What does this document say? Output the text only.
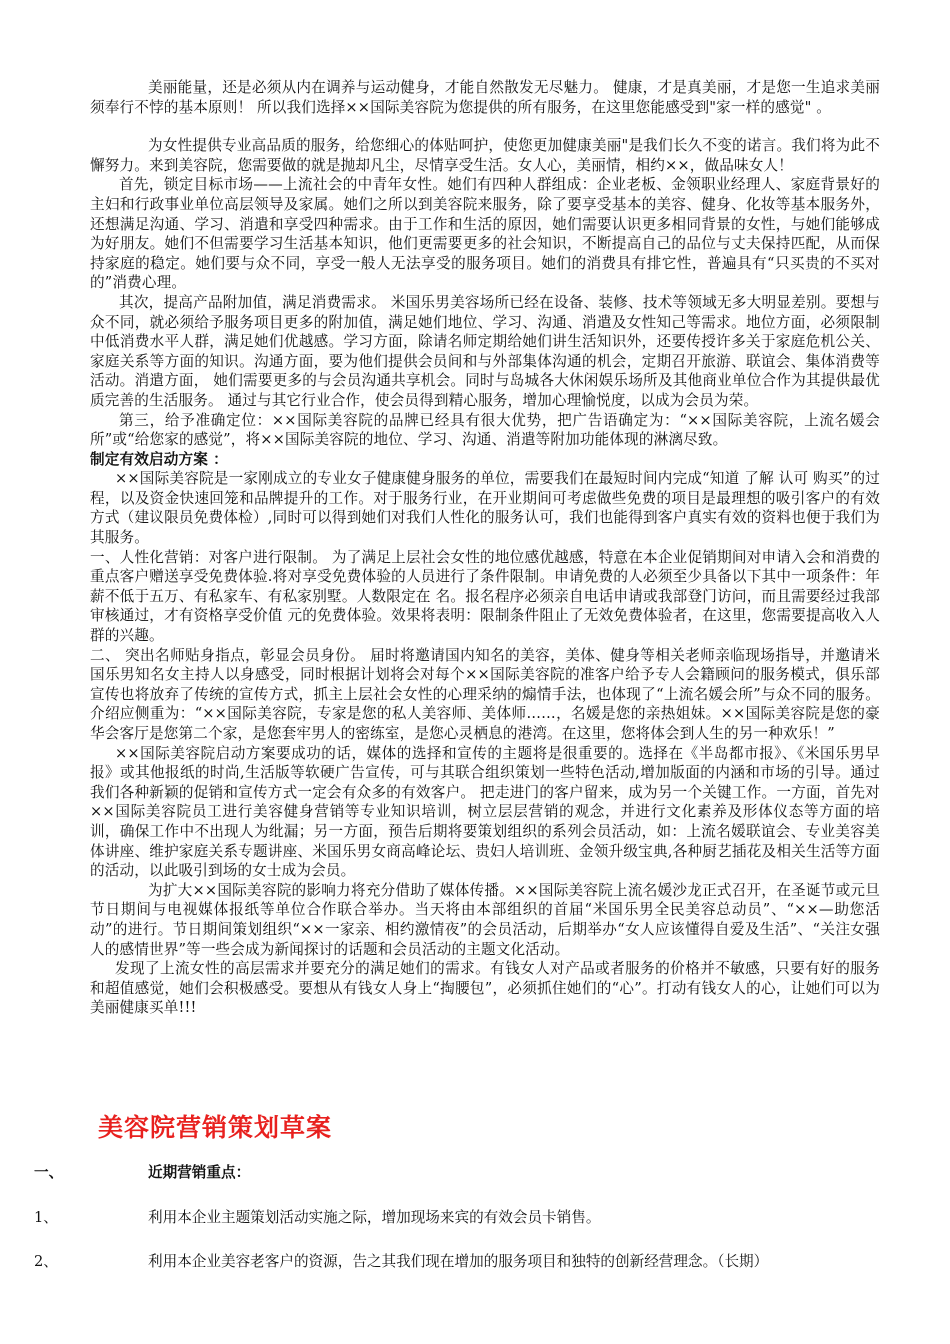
美丽能量，还是必须从内在调养与运动健身，才能自然散发无尽魅力。 健康，才是真美丽，才是您一生追求美丽须奉行不悖的基本原则！ 所以我们选择××国际美容院为您提供的所有服务，在这里您能感受到"家一样的感觉" 。

为女性提供专业高品质的服务，给您细心的体贴呵护，使您更加健康美丽"是我们长久不变的诺言。我们将为此不懈努力。来到美容院，您需要做的就是抛却凡尘，尽情享受生活。女人心，美丽情，相约××，做品味女人！

首先，锁定目标市场——上流社会的中青年女性。她们有四种人群组成：企业老板、金领职业经理人、家庭背景好的主妇和行政事业单位高层领导及家属。她们之所以到美容院来服务，除了要享受基本的美容、健身、化妆等基本服务外，还想满足沟通、学习、消遣和享受四种需求。由于工作和生活的原因，她们需要认识更多相同背景的女性，与她们能够成为好朋友。她们不但需要学习生活基本知识，他们更需要更多的社会知识，不断提高自己的品位与丈夫保持匹配，从而保持家庭的稳定。她们要与众不同，享受一般人无法享受的服务项目。她们的消费具有排它性，普遍具有“只买贵的不买对的”消费心理。

其次，提高产品附加值，满足消费需求。 米国乐男美容场所已经在设备、装修、技术等领域无多大明显差别。要想与众不同，就必须给予服务项目更多的附加值，满足她们地位、学习、沟通、消遣及女性知己等需求。地位方面，必须限制中低消费水平人群，满足她们优越感。学习方面，除请名师定期给她们讲生活知识外，还要传授许多关于家庭危机公关、家庭关系等方面的知识。沟通方面，要为他们提供会员间和与外部集体沟通的机会，定期召开旅游、联谊会、集体消费等活动。消遣方面， 她们需要更多的与会员沟通共享机会。同时与岛城各大休闲娱乐场所及其他商业单位合作为其提供最优质完善的生活服务。 通过与其它行业合作，使会员得到精心服务，增加心理愉悦度，以成为会员为荣。

第三，给予准确定位：××国际美容院的品牌已经具有很大优势，把广告语确定为：“××国际美容院，上流名媛会所”或“给您家的感觉”，将××国际美容院的地位、学习、沟通、消遣等附加功能体现的淋漓尽致。

制定有效启动方案 ：

××国际美容院是一家刚成立的专业女子健康健身服务的单位，需要我们在最短时间内完成“知道 了解 认可 购买”的过程，以及资金快速回笼和品牌提升的工作。对于服务行业，在开业期间可考虑做些免费的项目是最理想的吸引客户的有效方式（建议限员免费体检）,同时可以得到她们对我们人性化的服务认可，我们也能得到客户真实有效的资料也便于我们为其服务。

一、人性化营销：对客户进行限制。 为了满足上层社会女性的地位感优越感，特意在本企业促销期间对申请入会和消费的重点客户赠送享受免费体验.将对享受免费体验的人员进行了条件限制。申请免费的人必须至少具备以下其中一项条件：年薪不低于五万、有私家车、有私家别墅。人数限定在 名。报名程序必须亲自电话申请或我部登门访问，而且需要经过我部审核通过，才有资格享受价值 元的免费体验。效果将表明：限制条件阻止了无效免费体验者，在这里，您需要提高收入人群的兴趣。

二、 突出名师贴身指点，彰显会员身份。 届时将邀请国内知名的美容，美体、健身等相关老师亲临现场指导，并邀请米国乐男知名女主持人以身感受，同时根据计划将会对每个××国际美容院的准客户给予专人会籍顾问的服务模式，俱乐部宣传也将放弃了传统的宣传方式，抓主上层社会女性的心理采纳的煽情手法，也体现了“上流名媛会所”与众不同的服务。介绍应侧重为：“××国际美容院，专家是您的私人美容师、美体师……，名媛是您的亲热姐妹。××国际美容院是您的豪华会客厅是您第二个家，是您套牢男人的密练室，是您心灵栖息的港湾。在这里，您将体会到人生的另一种欢乐！”

××国际美容院启动方案要成功的话，媒体的选择和宣传的主题将是很重要的。选择在《半岛都市报》、《米国乐男早报》或其他报纸的时尚,生活版等软硬广告宣传，可与其联合组织策划一些特色活动,增加版面的内涵和市场的引导。通过我们各种新颖的促销和宣传方式一定会有众多的有效客户。 把走进门的客户留来，成为另一个关键工作。一方面，首先对××国际美容院员工进行美容健身营销等专业知识培训，树立层层营销的观念，并进行文化素养及形体仪态等方面的培训，确保工作中不出现人为纰漏；另一方面，预告后期将要策划组织的系列会员活动，如：上流名媛联谊会、专业美容美体讲座、维护家庭关系专题讲座、米国乐男女商高峰论坛、贵妇人培训班、金领升级宝典,各种厨艺插花及相关生活等方面的活动，以此吸引到场的女士成为会员。

为扩大××国际美容院的影响力将充分借助了媒体传播。××国际美容院上流名媛沙龙正式召开，在圣诞节或元旦节日期间与电视媒体报纸等单位合作联合举办。当天将由本部组织的首届“米国乐男全民美容总动员”、“××—助您活动”的进行。节日期间策划组织“××一家亲、相约激情夜”的会员活动，后期举办“女人应该懂得自爱及生活”、“关注女强人的感情世界”等一些会成为新闻探讨的话题和会员活动的主题文化活动。

发现了上流女性的高层需求并要充分的满足她们的需求。有钱女人对产品或者服务的价格并不敏感，只要有好的服务和超值感觉，她们会积极感受。要想从有钱女人身上“掏腰包”，必须抓住她们的“心”。打动有钱女人的心，让她们可以为美丽健康买单!!!

美容院营销策划草案
一、	近期营销重点：
1、	利用本企业主题策划活动实施之际，增加现场来宾的有效会员卡销售。
2、	利用本企业美容老客户的资源，告之其我们现在增加的服务项目和独特的创新经营理念。（长期）
